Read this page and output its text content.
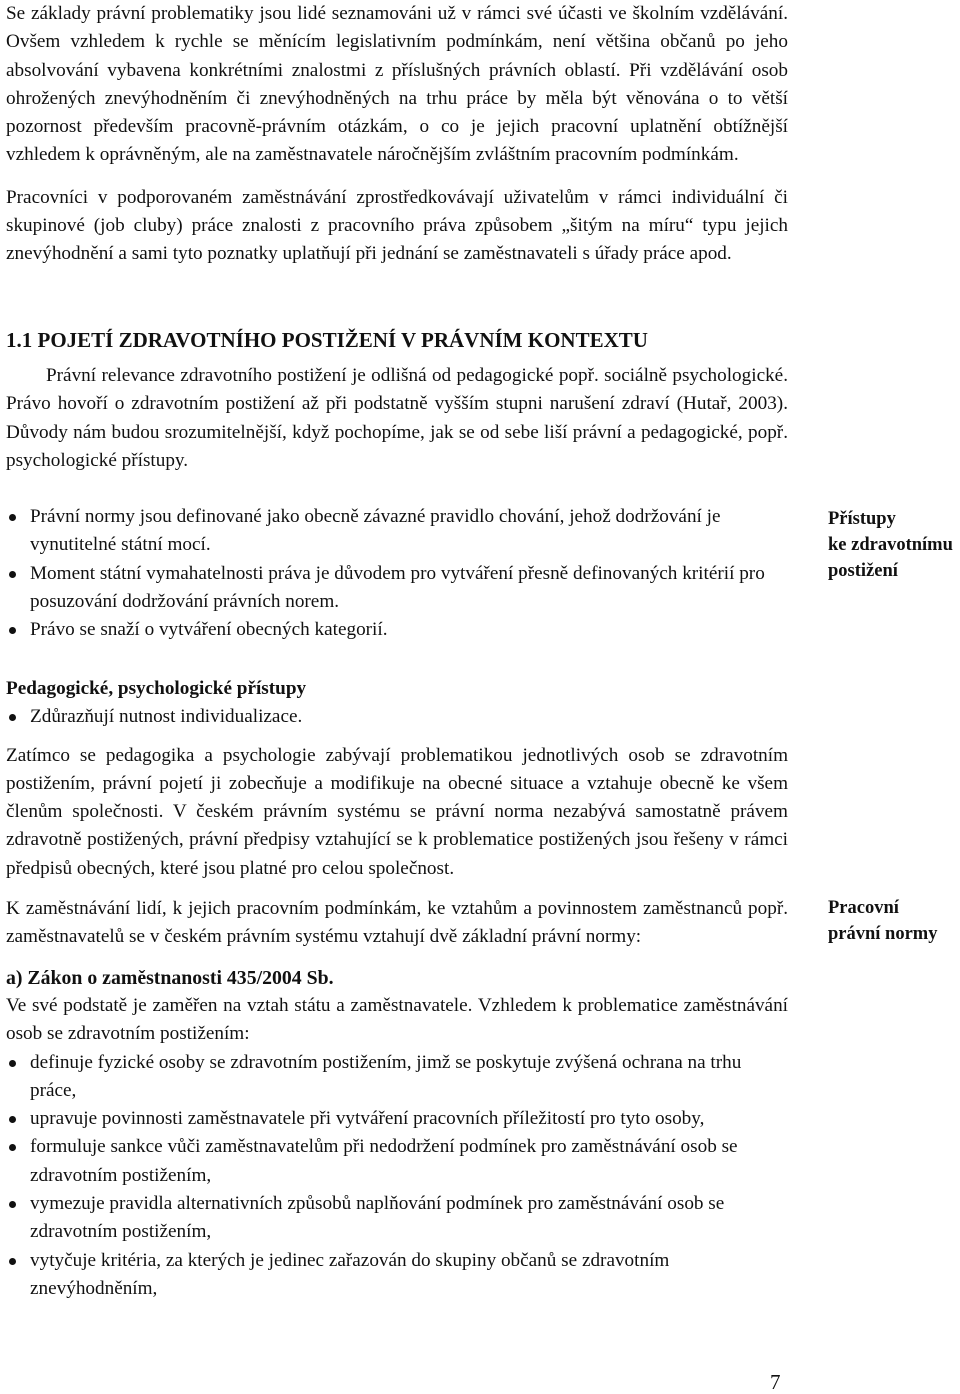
Se základy právní problematiky jsou lidé seznamováni už v rámci své účasti ve školním vzdělávání. Ovšem vzhledem k rychle se měnícím legislativním podmínkám, není většina občanů po jeho absolvování vybavena konkrétními znalostmi z příslušných právních oblastí. Při vzdělávání osob ohrožených znevýhodněním či znevýhodněných na trhu práce by měla být věnována o to větší pozornost především pracovně-právním otázkám, o co je jejich pracovní uplatnění obtížnější vzhledem k oprávněným, ale na zaměstnavatele náročnějším zvláštním pracovním podmínkám.

Pracovníci v podporovaném zaměstnávání zprostředkovávají uživatelům v rámci individuální či skupinové (job cluby) práce znalosti z pracovního práva způsobem „šitým na míru“ typu jejich znevýhodnění a sami tyto poznatky uplatňují při jednání se zaměstnavateli s úřady práce apod.

1.1 POJETÍ ZDRAVOTNÍHO POSTIŽENÍ V PRÁVNÍM KONTEXTU

Právní relevance zdravotního postižení je odlišná od pedagogické popř. sociálně psychologické. Právo hovoří o zdravotním postižení až při podstatně vyšším stupni narušení zdraví (Hutař, 2003). Důvody nám budou srozumitelnější, když pochopíme, jak se od sebe liší právní a pedagogické, popř. psychologické přístupy.

Právní normy jsou definované jako obecně závazné pravidlo chování, jehož dodržování je vynutitelné státní mocí.
Moment státní vymahatelnosti práva je důvodem pro vytváření přesně definovaných kritérií pro posuzování dodržování právních norem.
Právo se snaží o vytváření obecných kategorií.

Pedagogické, psychologické přístupy

Zdůrazňují nutnost individualizace.

Zatímco se pedagogika a psychologie zabývají problematikou jednotlivých osob se zdravotním postižením, právní pojetí ji zobecňuje a modifikuje na obecné situace a vztahuje obecně ke všem členům společnosti. V českém právním systému se právní norma nezabývá samostatně právem zdravotně postižených, právní předpisy vztahující se k problematice postižených jsou řešeny v rámci předpisů obecných, které jsou platné pro celou společnost.

K zaměstnávání lidí, k jejich pracovním podmínkám, ke vztahům a povinnostem zaměstnanců popř. zaměstnavatelů se v českém právním systému vztahují dvě základní právní normy:

a) Zákon o zaměstnanosti 435/2004 Sb.

Ve své podstatě je zaměřen na vztah státu a zaměstnavatele. Vzhledem k problematice zaměstnávání osob se zdravotním postižením:

definuje fyzické osoby se zdravotním postižením, jimž se poskytuje zvýšená ochrana na trhu práce,
upravuje povinnosti zaměstnavatele při vytváření pracovních příležitostí pro tyto osoby,
formuluje sankce vůči zaměstnavatelům při nedodržení podmínek pro zaměstnávání osob se zdravotním postižením,
vymezuje pravidla alternativních způsobů naplňování podmínek pro zaměstnávání osob se zdravotním postižením,
vytyčuje kritéria, za kterých je jedinec zařazován do skupiny občanů se zdravotním znevýhodněním,
Přístupy
ke zdravotnímu
postižení
Pracovní
právní normy

7
